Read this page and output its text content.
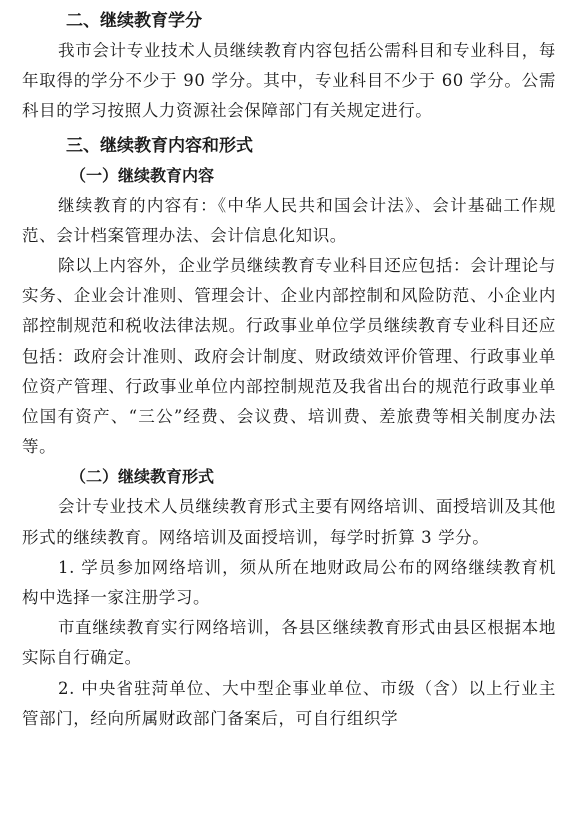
二、继续教育学分

我市会计专业技术人员继续教育内容包括公需科目和专业科目，每年取得的学分不少于 90 学分。其中，专业科目不少于 60 学分。公需科目的学习按照人力资源社会保障部门有关规定进行。

三、继续教育内容和形式
（一）继续教育内容

继续教育的内容有：《中华人民共和国会计法》、会计基础工作规范、会计档案管理办法、会计信息化知识。

除以上内容外，企业学员继续教育专业科目还应包括：会计理论与实务、企业会计准则、管理会计、企业内部控制和风险防范、小企业内部控制规范和税收法律法规。行政事业单位学员继续教育专业科目还应包括：政府会计准则、政府会计制度、财政绩效评价管理、行政事业单位资产管理、行政事业单位内部控制规范及我省出台的规范行政事业单位国有资产、“三公”经费、会议费、培训费、差旅费等相关制度办法等。

（二）继续教育形式

会计专业技术人员继续教育形式主要有网络培训、面授培训及其他形式的继续教育。网络培训及面授培训，每学时折算 3 学分。

1. 学员参加网络培训，须从所在地财政局公布的网络继续教育机构中选择一家注册学习。

市直继续教育实行网络培训，各县区继续教育形式由县区根据本地实际自行确定。

2. 中央省驻菏单位、大中型企事业单位、市级（含）以上行业主管部门，经向所属财政部门备案后，可自行组织学
